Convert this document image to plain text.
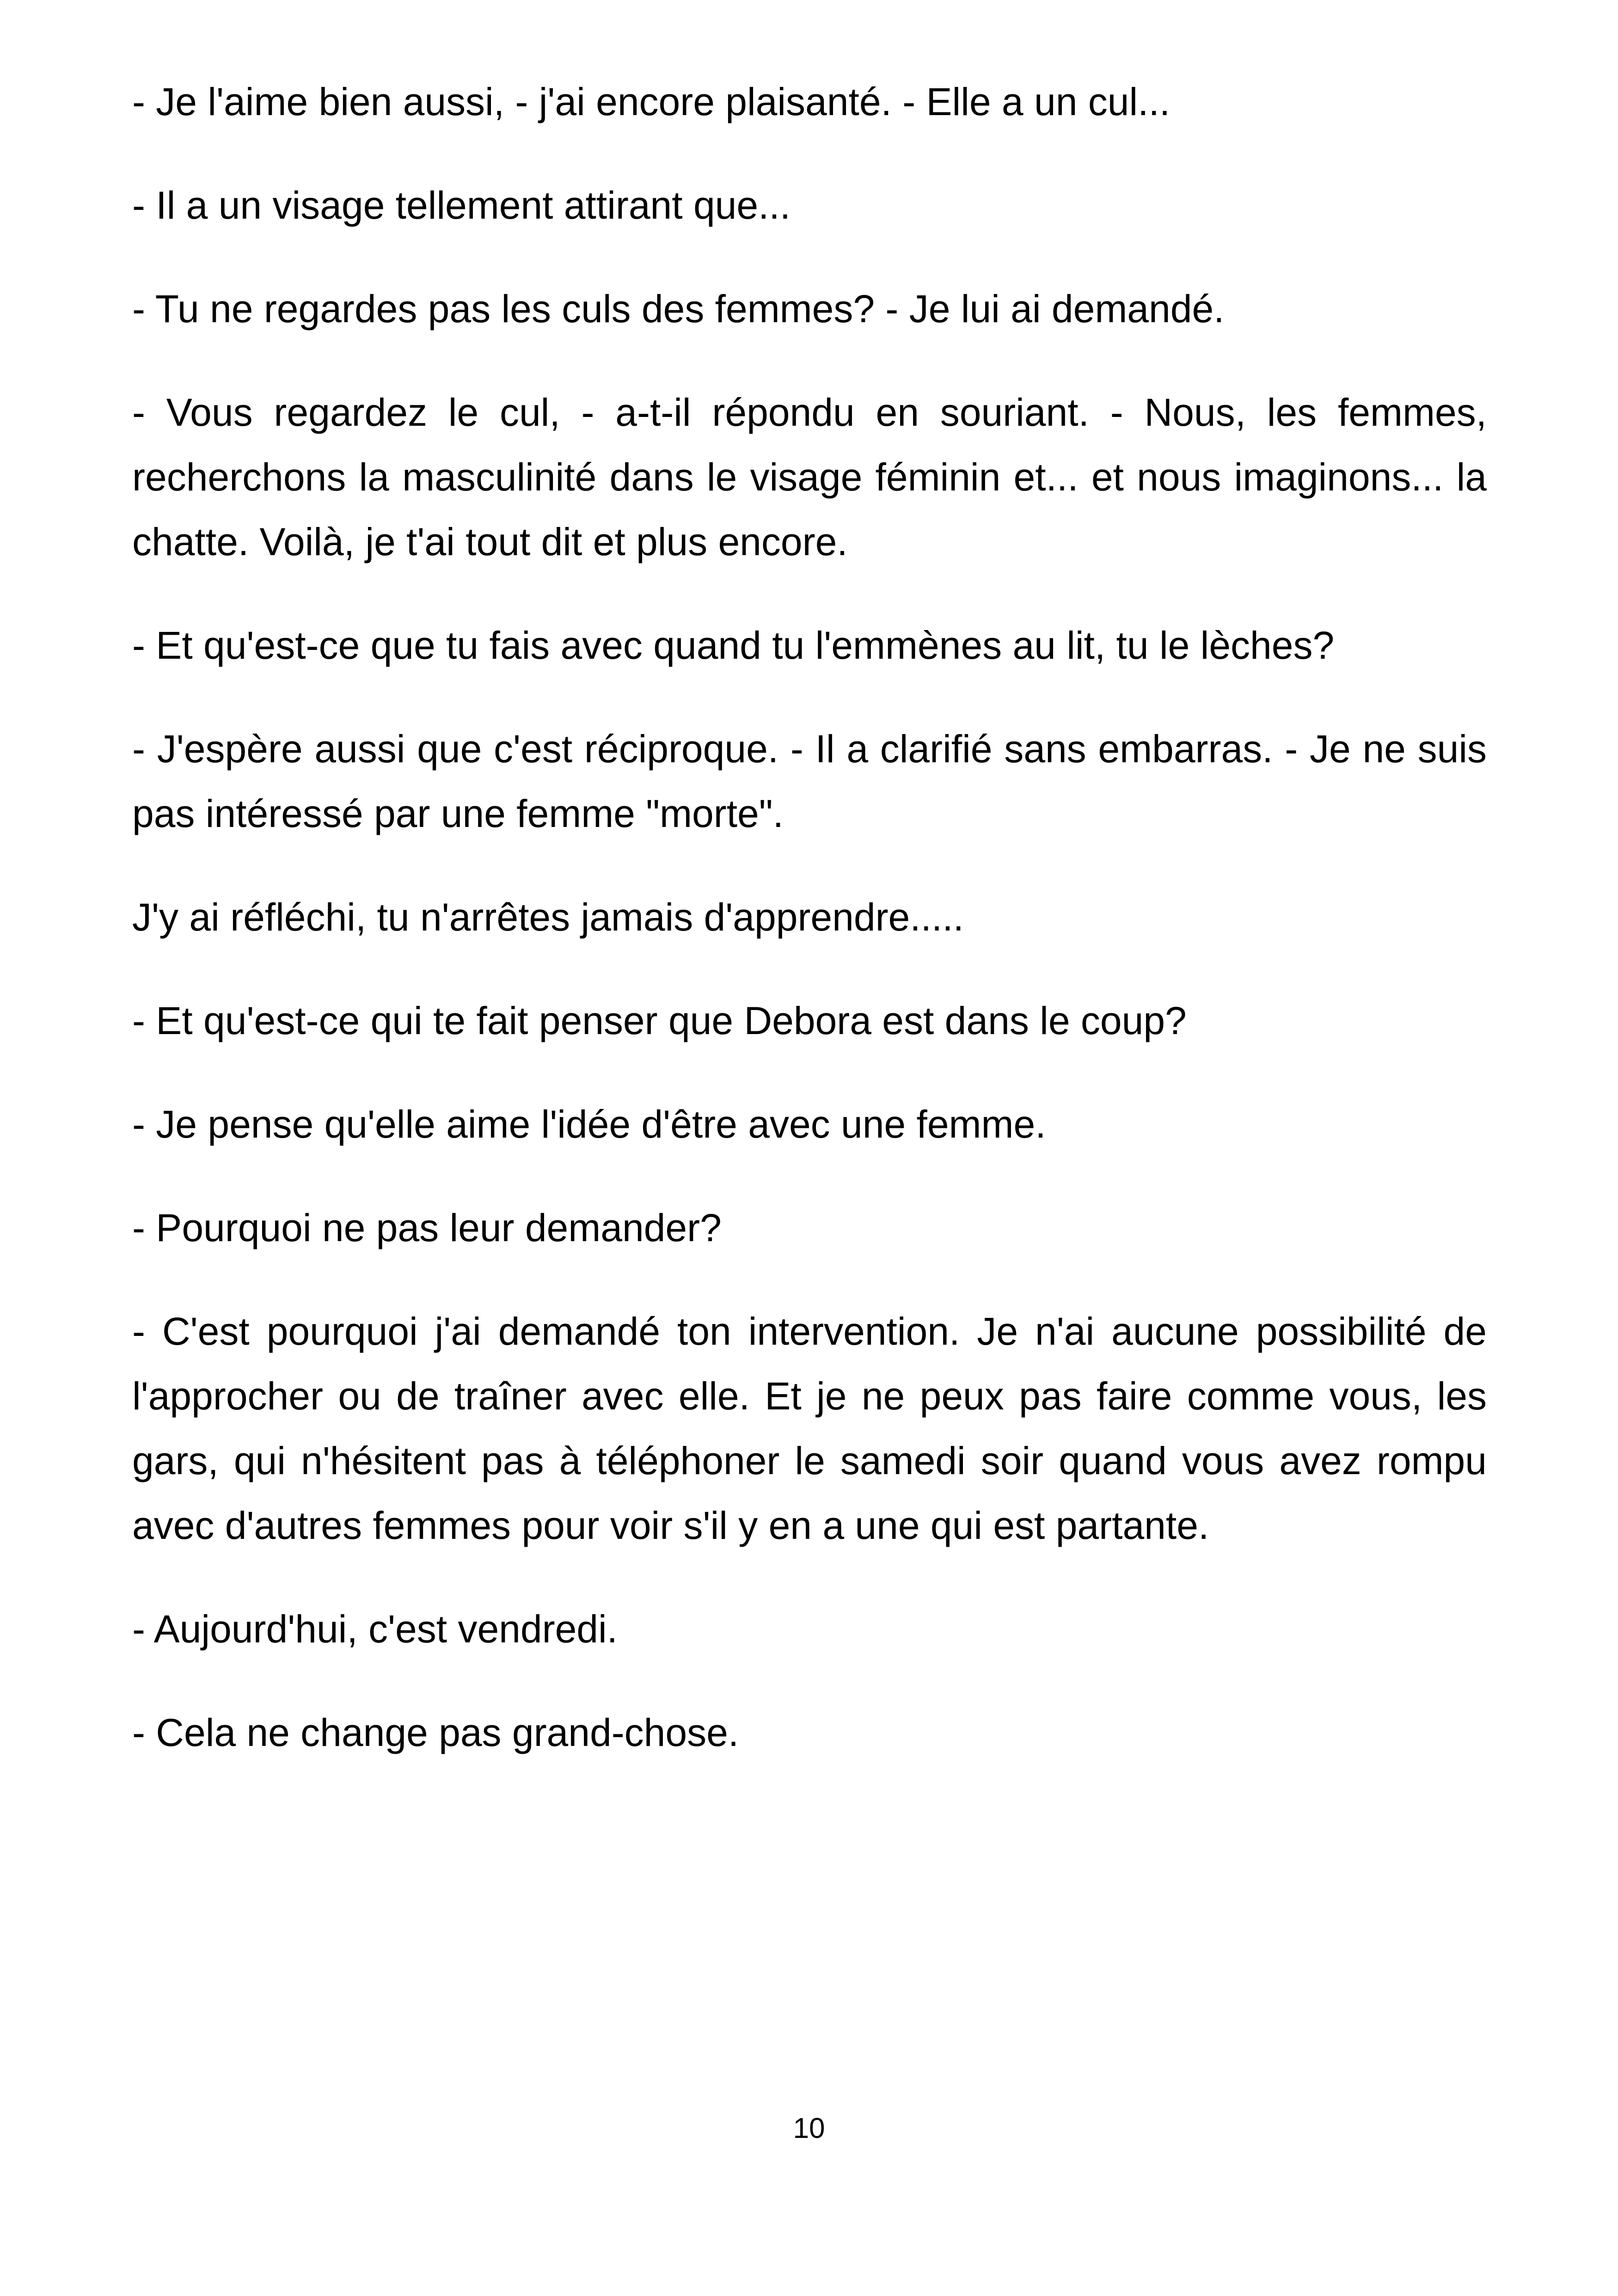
- Je l'aime bien aussi, - j'ai encore plaisanté. - Elle a un cul...

- Il a un visage tellement attirant que...

- Tu ne regardes pas les culs des femmes? - Je lui ai demandé.

- Vous regardez le cul, - a-t-il répondu en souriant. - Nous, les femmes, recherchons la masculinité dans le visage féminin et... et nous imaginons... la chatte. Voilà, je t'ai tout dit et plus encore.

- Et qu'est-ce que tu fais avec quand tu l'emmènes au lit, tu le lèches?

- J'espère aussi que c'est réciproque. - Il a clarifié sans embarras. - Je ne suis pas intéressé par une femme "morte".

J'y ai réfléchi, tu n'arrêtes jamais d'apprendre.....

- Et qu'est-ce qui te fait penser que Debora est dans le coup?

- Je pense qu'elle aime l'idée d'être avec une femme.

- Pourquoi ne pas leur demander?

- C'est pourquoi j'ai demandé ton intervention. Je n'ai aucune possibilité de l'approcher ou de traîner avec elle. Et je ne peux pas faire comme vous, les gars, qui n'hésitent pas à téléphoner le samedi soir quand vous avez rompu avec d'autres femmes pour voir s'il y en a une qui est partante.

- Aujourd'hui, c'est vendredi.

- Cela ne change pas grand-chose.

10
